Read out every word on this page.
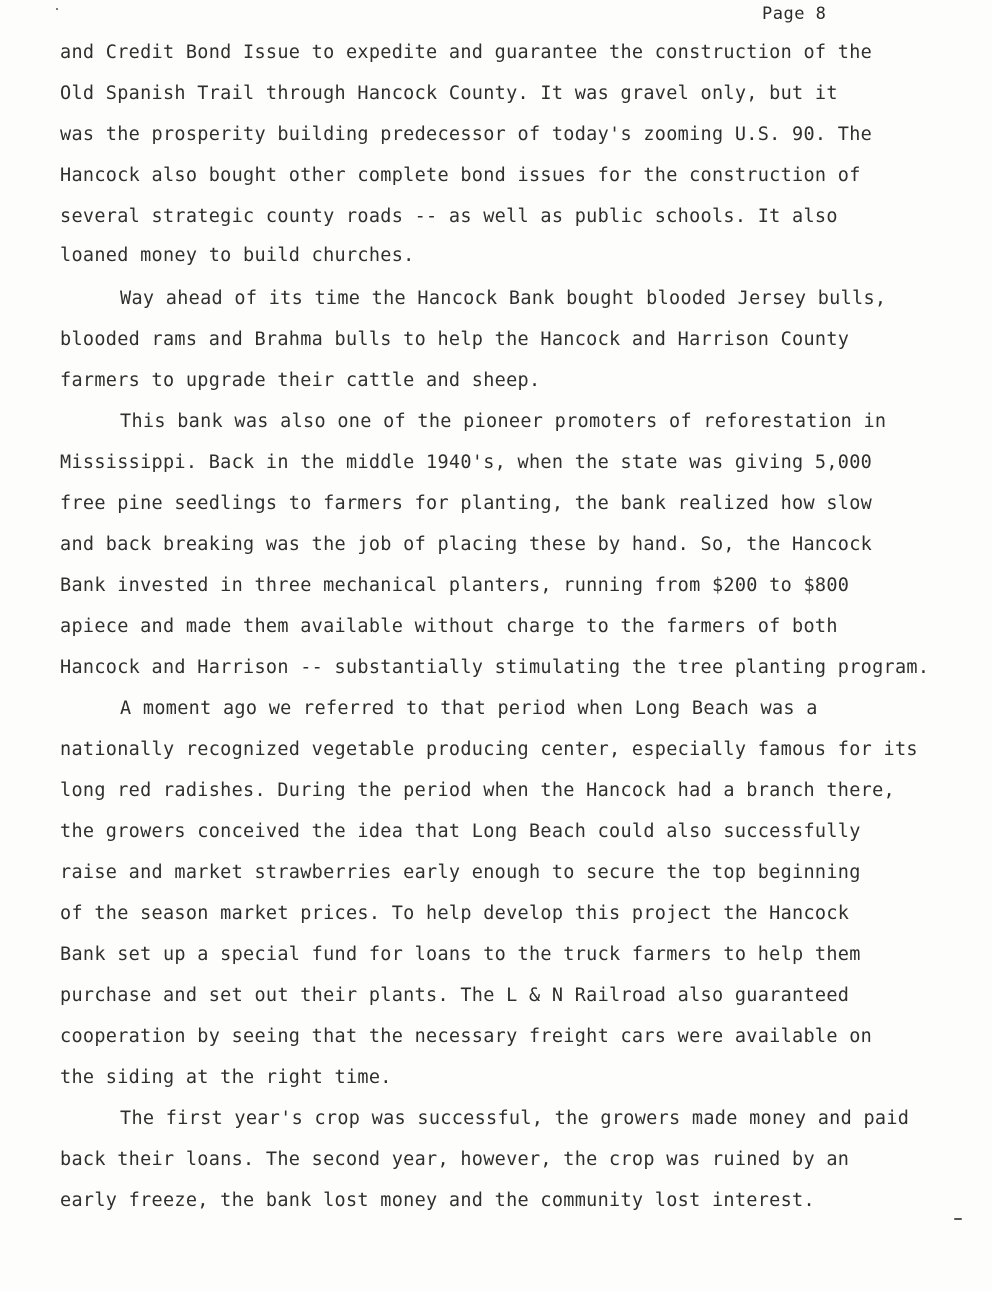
Page 8
and Credit Bond Issue to expedite and guarantee the construction of the
Old Spanish Trail through Hancock County. It was gravel only, but it
was the prosperity building predecessor of today's zooming U.S. 90. The
Hancock also bought other complete bond issues for the construction of
several strategic county roads -- as well as public schools. It also
loaned money to build churches.
Way ahead of its time the Hancock Bank bought blooded Jersey bulls,
blooded rams and Brahma bulls to help the Hancock and Harrison County
farmers to upgrade their cattle and sheep.
This bank was also one of the pioneer promoters of reforestation in
Mississippi. Back in the middle 1940's, when the state was giving 5,000
free pine seedlings to farmers for planting, the bank realized how slow
and back breaking was the job of placing these by hand. So, the Hancock
Bank invested in three mechanical planters, running from $200 to $800
apiece and made them available without charge to the farmers of both
Hancock and Harrison -- substantially stimulating the tree planting program.
A moment ago we referred to that period when Long Beach was a
nationally recognized vegetable producing center, especially famous for its
long red radishes. During the period when the Hancock had a branch there,
the growers conceived the idea that Long Beach could also successfully
raise and market strawberries early enough to secure the top beginning
of the season market prices. To help develop this project the Hancock
Bank set up a special fund for loans to the truck farmers to help them
purchase and set out their plants. The L & N Railroad also guaranteed
cooperation by seeing that the necessary freight cars were available on
the siding at the right time.
The first year's crop was successful, the growers made money and paid
back their loans. The second year, however, the crop was ruined by an
early freeze, the bank lost money and the community lost interest.
